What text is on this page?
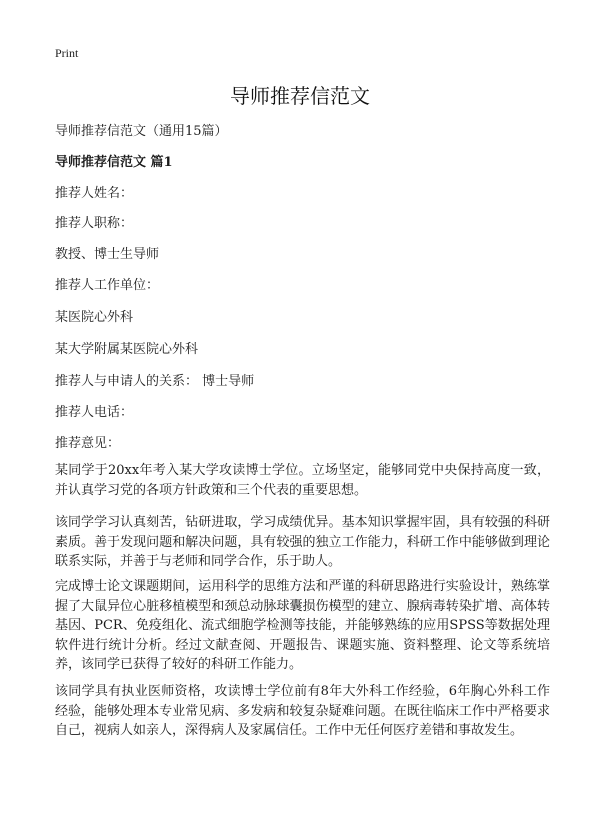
Print
导师推荐信范文
导师推荐信范文（通用15篇）
导师推荐信范文 篇1
推荐人姓名：
推荐人职称：
教授、博士生导师
推荐人工作单位：
某医院心外科
某大学附属某医院心外科
推荐人与申请人的关系： 博士导师
推荐人电话：
推荐意见：

某同学于20xx年考入某大学攻读博士学位。立场坚定，能够同党中央保持高度一致，并认真学习党的各项方针政策和三个代表的重要思想。

该同学学习认真刻苦，钻研进取，学习成绩优异。基本知识掌握牢固，具有较强的科研素质。善于发现问题和解决问题，具有较强的独立工作能力，科研工作中能够做到理论联系实际，并善于与老师和同学合作，乐于助人。

完成博士论文课题期间，运用科学的思维方法和严谨的科研思路进行实验设计，熟练掌握了大鼠异位心脏移植模型和颈总动脉球囊损伤模型的建立、腺病毒转染扩增、高体转基因、PCR、免疫组化、流式细胞学检测等技能，并能够熟练的应用SPSS等数据处理软件进行统计分析。经过文献查阅、开题报告、课题实施、资料整理、论文等系统培养，该同学已获得了较好的科研工作能力。

该同学具有执业医师资格，攻读博士学位前有8年大外科工作经验，6年胸心外科工作经验，能够处理本专业常见病、多发病和较复杂疑难问题。在既往临床工作中严格要求自己，视病人如亲人，深得病人及家属信任。工作中无任何医疗差错和事故发生。
